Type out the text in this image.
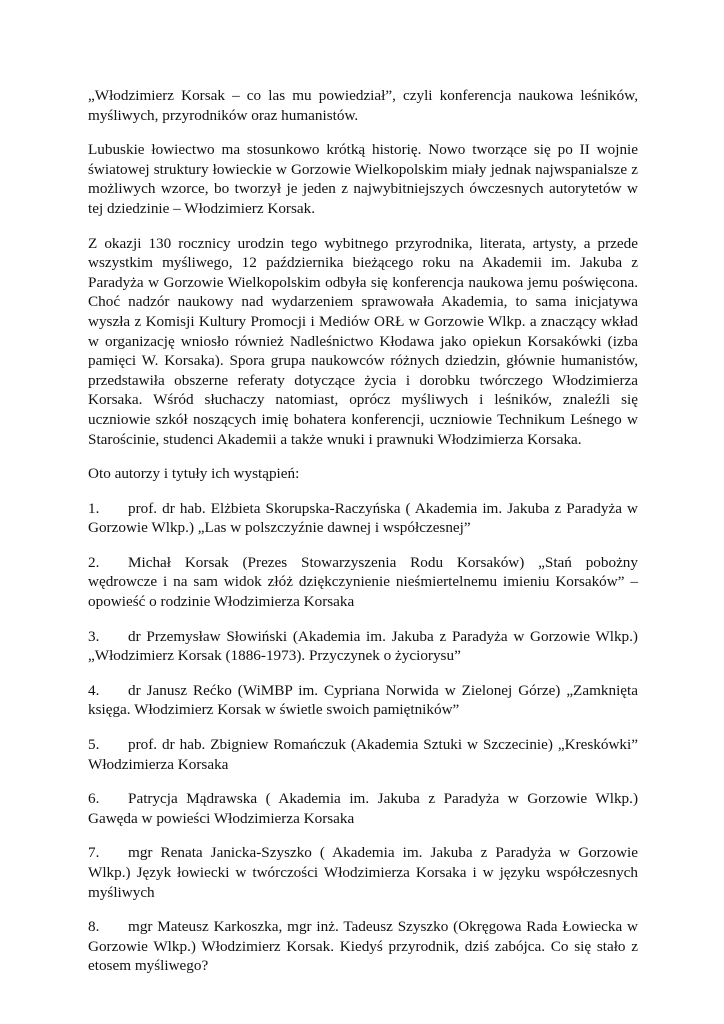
„Włodzimierz Korsak – co las mu powiedział”, czyli konferencja naukowa leśników, myśliwych, przyrodników oraz humanistów.

Lubuskie łowiectwo ma stosunkowo krótką historię. Nowo tworzące się po II wojnie światowej struktury łowieckie w Gorzowie Wielkopolskim miały jednak najwspanialsze z możliwych wzorce, bo tworzył je jeden z najwybitniejszych ówczesnych autorytetów w tej dziedzinie – Włodzimierz Korsak.

Z okazji 130 rocznicy urodzin tego wybitnego przyrodnika, literata, artysty, a przede wszystkim myśliwego, 12 października bieżącego roku na Akademii im. Jakuba z Paradyża w Gorzowie Wielkopolskim odbyła się konferencja naukowa jemu poświęcona. Choć nadzór naukowy nad wydarzeniem sprawowała Akademia, to sama inicjatywa wyszła z Komisji Kultury Promocji i Mediów ORŁ w Gorzowie Wlkp. a znaczący wkład w organizację wniosło również Nadleśnictwo Kłodawa jako opiekun Korsakówki (izba pamięci W. Korsaka). Spora grupa naukowców różnych dziedzin, głównie humanistów, przedstawiła obszerne referaty dotyczące życia i dorobku twórczego Włodzimierza Korsaka. Wśród słuchaczy natomiast, oprócz myśliwych i leśników, znaleźli się uczniowie szkół noszących imię bohatera konferencji, uczniowie Technikum Leśnego w Starościnie, studenci Akademii a także wnuki i prawnuki Włodzimierza Korsaka.

Oto autorzy i tytuły ich wystąpień:

1. prof. dr hab. Elżbieta Skorupska-Raczyńska ( Akademia im. Jakuba z Paradyża w Gorzowie Wlkp.) „Las w polszczyźnie dawnej i współczesnej”

2. Michał Korsak (Prezes Stowarzyszenia Rodu Korsaków) „Stań pobożny wędrowcze i na sam widok złóż dziękczynienie nieśmiertelnemu imieniu Korsaków” – opowieść o rodzinie Włodzimierza Korsaka

3. dr Przemysław Słowiński (Akademia im. Jakuba z Paradyża w Gorzowie Wlkp.) „Włodzimierz Korsak (1886-1973). Przyczynek o życiorysu”

4. dr Janusz Rećko (WiMBP im. Cypriana Norwida w Zielonej Górze) „Zamknięta księga. Włodzimierz Korsak w świetle swoich pamiętników”

5. prof. dr hab. Zbigniew Romańczuk (Akademia Sztuki w Szczecinie) „Kreskówki” Włodzimierza Korsaka

6. Patrycja Mądrawska ( Akademia im. Jakuba z Paradyża w Gorzowie Wlkp.) Gawęda w powieści Włodzimierza Korsaka

7. mgr Renata Janicka-Szyszko ( Akademia im. Jakuba z Paradyża w Gorzowie Wlkp.) Język łowiecki w twórczości Włodzimierza Korsaka i w języku współczesnych myśliwych

8. mgr Mateusz Karkoszka, mgr inż. Tadeusz Szyszko (Okręgowa Rada Łowiecka w Gorzowie Wlkp.) Włodzimierz Korsak. Kiedyś przyrodnik, dziś zabójca. Co się stało z etosem myśliwego?
